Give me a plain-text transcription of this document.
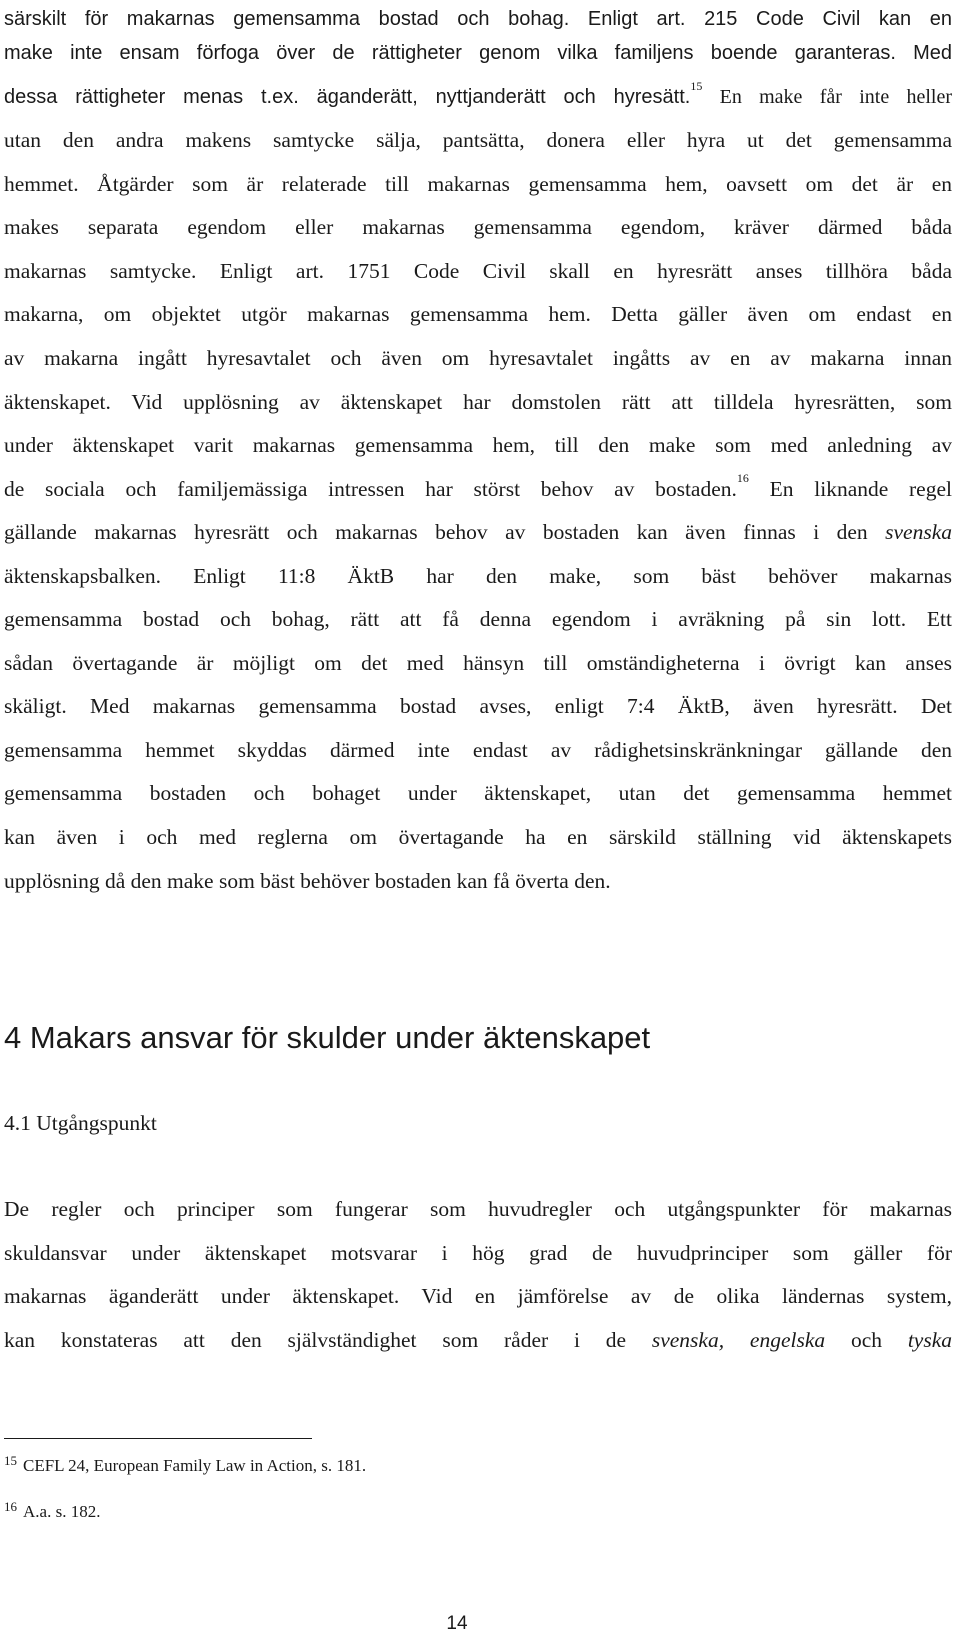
särskilt för makarnas gemensamma bostad och bohag. Enligt art. 215 Code Civil kan en
make inte ensam förfoga över de rättigheter genom vilka familjens boende garanteras. Med
dessa rättigheter menas t.ex. äganderätt, nyttjanderätt och hyresätt.$^{15}$ En make får inte heller
utan den andra makens samtycke sälja, pantsätta, donera eller hyra ut det gemensamma
hemmet. Åtgärder som är relaterade till makarnas gemensamma hem, oavsett om det är en
makes separata egendom eller makarnas gemensamma egendom, kräver därmed båda
makarnas samtycke. Enligt art. 1751 Code Civil skall en hyresrätt anses tillhöra båda
makarna, om objektet utgör makarnas gemensamma hem. Detta gäller även om endast en
av makarna ingått hyresavtalet och även om hyresavtalet ingåtts av en av makarna innan
äktenskapet. Vid upplösning av äktenskapet har domstolen rätt att tilldela hyresrätten, som
under äktenskapet varit makarnas gemensamma hem, till den make som med anledning av
de sociala och familjemässiga intressen har störst behov av bostaden.$^{16}$ En liknande regel
gällande makarnas hyresrätt och makarnas behov av bostaden kan även finnas i den svenska
äktenskapsbalken. Enligt 11:8 ÄktB har den make, som bäst behöver makarnas
gemensamma bostad och bohag, rätt att få denna egendom i avräkning på sin lott. Ett
sådan övertagande är möjligt om det med hänsyn till omständigheterna i övrigt kan anses
skäligt. Med makarnas gemensamma bostad avses, enligt 7:4 ÄktB, även hyresrätt. Det
gemensamma hemmet skyddas därmed inte endast av rådighetsinskränkningar gällande den
gemensamma bostaden och bohaget under äktenskapet, utan det gemensamma hemmet
kan även i och med reglerna om övertagande ha en särskild ställning vid äktenskapets
upplösning då den make som bäst behöver bostaden kan få överta den.
4 Makars ansvar för skulder under äktenskapet
4.1 Utgångspunkt
De regler och principer som fungerar som huvudregler och utgångspunkter för makarnas
skuldansvar under äktenskapet motsvarar i hög grad de huvudprinciper som gäller för
makarnas äganderätt under äktenskapet. Vid en jämförelse av de olika ländernas system,
kan konstateras att den självständighet som råder i de svenska, engelska och tyska
$^{15}$ CEFL 24, European Family Law in Action, s. 181.
$^{16}$ A.a. s. 182.
14
